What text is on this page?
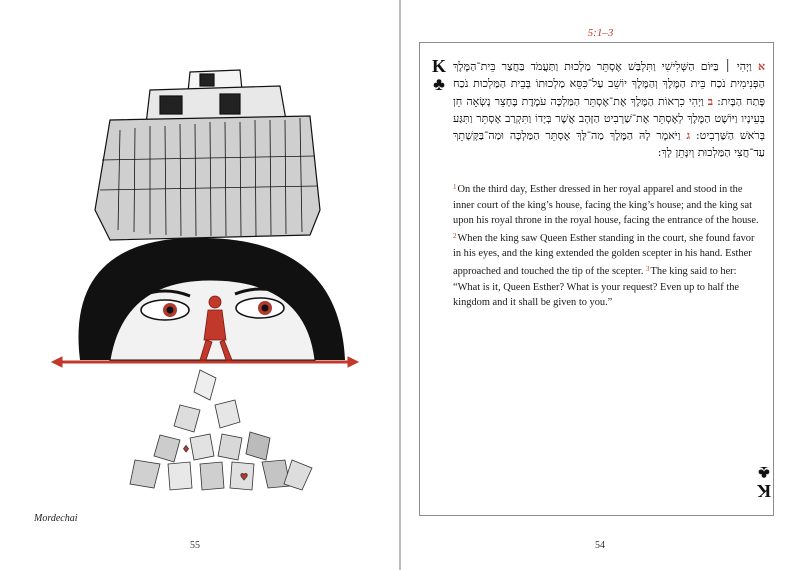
♦
♥
Mordechai
55
5:1–3
K
♣
א וַיְהִי ׀ בַּיּוֹם הַשְּׁלִישִׁי וַתִּלְבַּשׁ אֶסְתֵּר מַלְכוּת וַתַּעֲמֹד בַּחֲצַר בֵּית־הַמֶּלֶךְ הַפְּנִימִית נֹכַח בֵּית הַמֶּלֶךְ וְהַמֶּלֶךְ יוֹשֵׁב עַל־כִּסֵּא מַלְכוּתוֹ בְּבֵית הַמַּלְכוּת נֹכַח פֶּתַח הַבָּיִת: ב וַיְהִי כִרְאוֹת הַמֶּלֶךְ אֶת־אֶסְתֵּר הַמַּלְכָּה עֹמֶדֶת בֶּחָצֵר נָשְׂאָה חֵן בְּעֵינָיו וַיּוֹשֶׁט הַמֶּלֶךְ לְאֶסְתֵּר אֶת־שַׁרְבִיט הַזָּהָב אֲשֶׁר בְּיָדוֹ וַתִּקְרַב אֶסְתֵּר וַתִּגַּע בְּרֹאשׁ הַשַּׁרְבִיט: ג וַיֹּאמֶר לָהּ הַמֶּלֶךְ מַה־לָּךְ אֶסְתֵּר הַמַּלְכָּה וּמַה־בַּקָּשָׁתֵךְ עַד־חֲצִי הַמַּלְכוּת וְיִנָּתֵן לָךְ:
$^1$On the third day, Esther dressed in her royal apparel and stood in the inner court of the king’s house, facing the king’s house; and the king sat upon his royal throne in the royal house, facing the entrance of the house. $^2$When the king saw Queen Esther standing in the court, she found favor in his eyes, and the king extended the golden scepter in his hand. Esther approached and touched the tip of the scepter. $^3$The king said to her: “What is it, Queen Esther? What is your request? Even up to half the kingdom and it shall be given to you.”
K
♣
54
